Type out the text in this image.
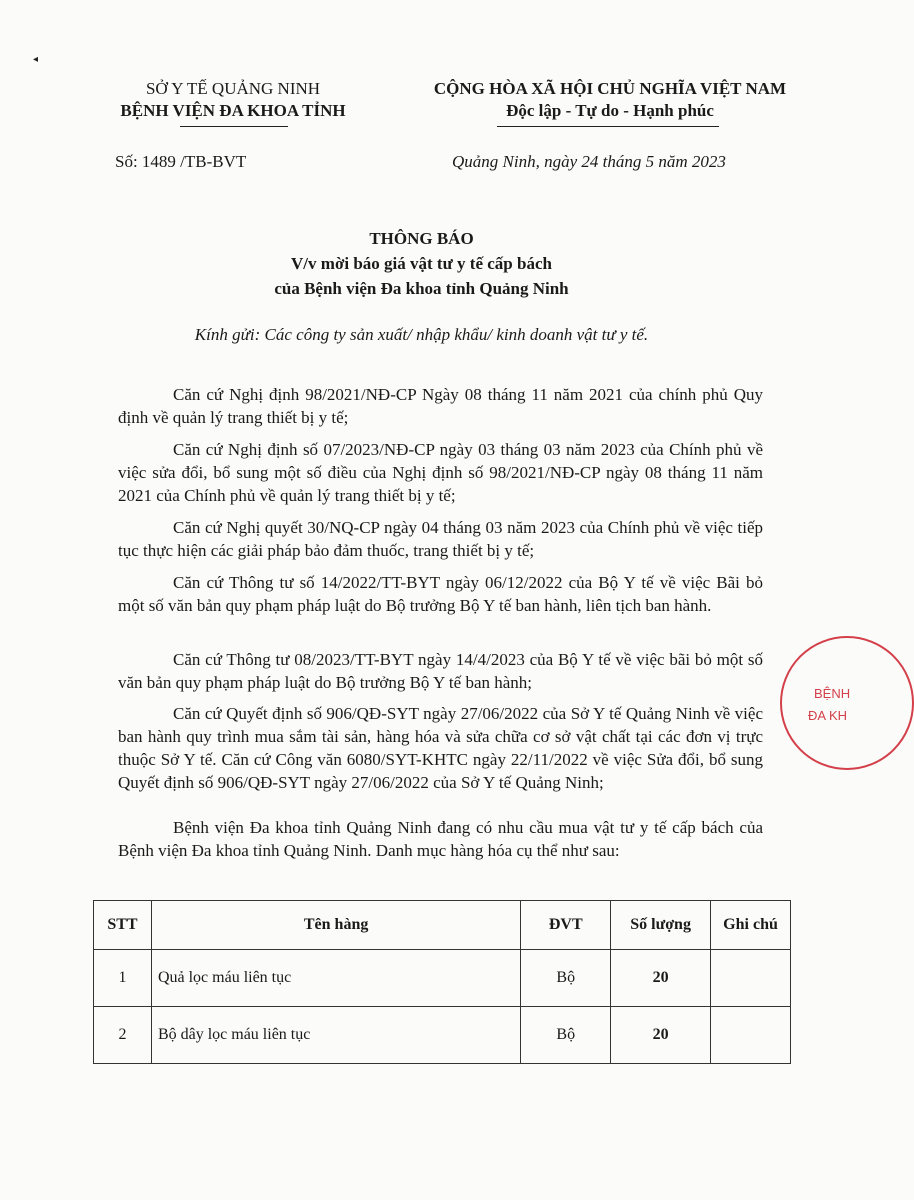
◂
SỞ Y TẾ QUẢNG NINH
BỆNH VIỆN ĐA KHOA TỈNH
CỘNG HÒA XÃ HỘI CHỦ NGHĨA VIỆT NAM
Độc lập - Tự do - Hạnh phúc
Số: 1489 /TB-BVT	Quảng Ninh, ngày 24 tháng 5 năm 2023
THÔNG BÁO
V/v mời báo giá vật tư y tế cấp bách
của Bệnh viện Đa khoa tỉnh Quảng Ninh
Kính gửi: Các công ty sản xuất/ nhập khẩu/ kinh doanh vật tư y tế.
Căn cứ Nghị định 98/2021/NĐ-CP Ngày 08 tháng 11 năm 2021 của chính phủ Quy định về quản lý trang thiết bị y tế;
Căn cứ Nghị định số 07/2023/NĐ-CP ngày 03 tháng 03 năm 2023 của Chính phủ về việc sửa đổi, bổ sung một số điều của Nghị định số 98/2021/NĐ-CP ngày 08 tháng 11 năm 2021 của Chính phủ về quản lý trang thiết bị y tế;
Căn cứ Nghị quyết 30/NQ-CP ngày 04 tháng 03 năm 2023 của Chính phủ về việc tiếp tục thực hiện các giải pháp bảo đảm thuốc, trang thiết bị y tế;
Căn cứ Thông tư số 14/2022/TT-BYT ngày 06/12/2022 của Bộ Y tế về việc Bãi bỏ một số văn bản quy phạm pháp luật do Bộ trưởng Bộ Y tế ban hành, liên tịch ban hành.
Căn cứ Thông tư 08/2023/TT-BYT ngày 14/4/2023 của Bộ Y tế về việc bãi bỏ một số văn bản quy phạm pháp luật do Bộ trưởng Bộ Y tế ban hành;
Căn cứ Quyết định số 906/QĐ-SYT ngày 27/06/2022 của Sở Y tế Quảng Ninh về việc ban hành quy trình mua sắm tài sản, hàng hóa và sửa chữa cơ sở vật chất tại các đơn vị trực thuộc Sở Y tế. Căn cứ Công văn 6080/SYT-KHTC ngày 22/11/2022 về việc Sửa đổi, bổ sung Quyết định số 906/QĐ-SYT ngày 27/06/2022 của Sở Y tế Quảng Ninh;
Bệnh viện Đa khoa tỉnh Quảng Ninh đang có nhu cầu mua vật tư y tế cấp bách của Bệnh viện Đa khoa tỉnh Quảng Ninh. Danh mục hàng hóa cụ thể như sau:
STT	Tên hàng	ĐVT	Số lượng	Ghi chú
1	Quả lọc máu liên tục	Bộ	20	
2	Bộ dây lọc máu liên tục	Bộ	20	
BỆNH
ĐA KH
